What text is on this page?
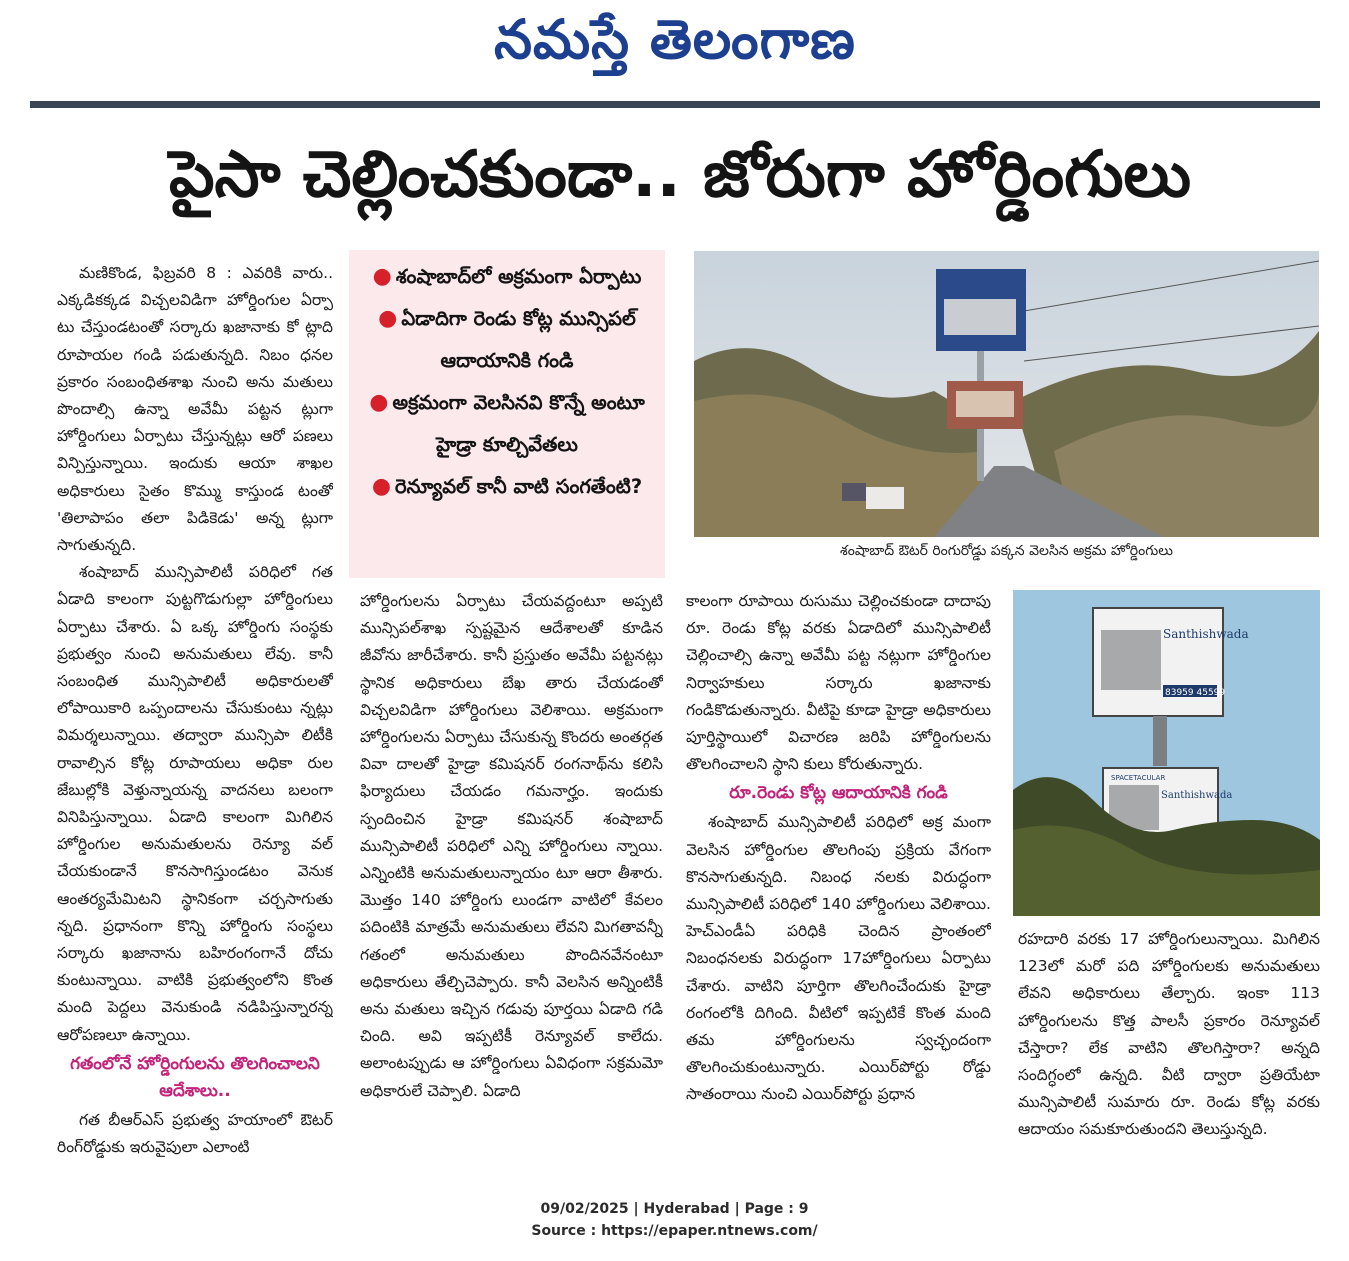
నమస్తే తెలంగాణ
పైసా చెల్లించకుండా.. జోరుగా హోర్డింగులు

మణికొండ, ఫిబ్రవరి 8 : ఎవరికి వారు.. ఎక్కడికక్కడ విచ్చలవిడిగా హోర్డింగుల ఏర్పా టు చేస్తుండటంతో సర్కారు ఖజానాకు కో ట్లాది రూపాయల గండి పడుతున్నది. నిబం ధనల ప్రకారం సంబంధితశాఖ నుంచి అను మతులు పొందాల్సి ఉన్నా అవేమీ పట్టన ట్లుగా హోర్డింగులు ఏర్పాటు చేస్తున్నట్లు ఆరో పణలు విన్పిస్తున్నాయి. ఇందుకు ఆయా శాఖల అధికారులు సైతం కొమ్ము కాస్తుండ టంతో 'తిలాపాపం తలా పిడికెడు' అన్న ట్లుగా సాగుతున్నది.

శంషాబాద్ మున్సిపాలిటీ పరిధిలో గత ఏడాది కాలంగా పుట్టగొడుగుల్లా హోర్డింగులు ఏర్పాటు చేశారు. ఏ ఒక్క హోర్డింగు సంస్థకు ప్రభుత్వం నుంచి అనుమతులు లేవు. కానీ సంబంధిత మున్సిపాలిటీ అధికారులతో లోపాయికారి ఒప్పందాలను చేసుకుంటు న్నట్లు విమర్శలున్నాయి. తద్వారా మున్సిపా లిటీకి రావాల్సిన కోట్ల రూపాయలు అధికా రుల జేబుల్లోకి వెళ్తున్నాయన్న వాదనలు బలంగా వినిపిస్తున్నాయి. ఏడాది కాలంగా మిగిలిన హోర్డింగుల అనుమతులను రెన్యూ వల్ చేయకుండానే కొనసాగిస్తుండటం వెనుక ఆంతర్యమేమిటని స్థానికంగా చర్చసాగుతు న్నది. ప్రధానంగా కొన్ని హోర్డింగు సంస్థలు సర్కారు ఖజానాను బహిరంగంగానే దోచు కుంటున్నాయి. వాటికి ప్రభుత్వంలోని కొంత మంది పెద్దలు వెనుకుండి నడిపిస్తున్నారన్న ఆరోపణలూ ఉన్నాయి.

గతంలోనే హోర్డింగులను తొలగించాలని ఆదేశాలు..

గత బీఆర్ఎస్ ప్రభుత్వ హయాంలో ఔటర్ రింగ్‌రోడ్డుకు ఇరువైపులా ఎలాంటి

● శంషాబాద్‌లో అక్రమంగా ఏర్పాటు
● ఏడాదిగా రెండు కోట్ల మున్సిపల్ ఆదాయానికి గండి
● అక్రమంగా వెలసినవి కొన్నే అంటూ హైడ్రా కూల్చివేతలు
● రెన్యూవల్ కానీ వాటి సంగతేంటి?

హోర్డింగులను ఏర్పాటు చేయవద్దంటూ అప్పటి మున్సిపల్‌శాఖ స్పష్టమైన ఆదేశాలతో కూడిన జీవోను జారీచేశారు. కానీ ప్రస్తుతం అవేమీ పట్టనట్లు స్థానిక అధికారులు బేఖ తారు చేయడంతో విచ్చలవిడిగా హోర్డింగులు వెలిశాయి. అక్రమంగా హోర్డింగులను ఏర్పాటు చేసుకున్న కొందరు అంతర్గత వివా దాలతో హైడ్రా కమిషనర్ రంగనాథ్‌ను కలిసి ఫిర్యాదులు చేయడం గమనార్హం. ఇందుకు స్పందించిన హైడ్రా కమిషనర్ శంషాబాద్ మున్సిపాలిటీ పరిధిలో ఎన్ని హోర్డింగులు న్నాయి. ఎన్నింటికి అనుమతులున్నాయం టూ ఆరా తీశారు. మొత్తం 140 హోర్డింగు లుండగా వాటిలో కేవలం పదింటికి మాత్రమే అనుమతులు లేవని మిగతావన్నీ గతంలో అనుమతులు పొందినవేనంటూ అధికారులు తేల్చిచెప్పారు. కానీ వెలసిన అన్నింటికీ అను మతులు ఇచ్చిన గడువు పూర్తయి ఏడాది గడి చింది. అవి ఇప్పటికీ రెన్యూవల్ కాలేదు. అలాంటప్పుడు ఆ హోర్డింగులు ఏవిధంగా సక్రమమో అధికారులే చెప్పాలి. ఏడాది

శంషాబాద్ ఔటర్ రింగురోడ్డు పక్కన వెలసిన అక్రమ హోర్డింగులు

కాలంగా రూపాయి రుసుము చెల్లించకుండా దాదాపు రూ. రెండు కోట్ల వరకు ఏడాదిలో మున్సిపాలిటీ చెల్లించాల్సి ఉన్నా అవేమీ పట్ట నట్లుగా హోర్డింగుల నిర్వాహకులు సర్కారు ఖజానాకు గండికొడుతున్నారు. వీటిపై కూడా హైడ్రా అధికారులు పూర్తిస్థాయిలో విచారణ జరిపి హోర్డింగులను తొలగించాలని స్థాని కులు కోరుతున్నారు.

రూ.రెండు కోట్ల ఆదాయానికి గండి

శంషాబాద్ మున్సిపాలిటీ పరిధిలో అక్ర మంగా వెలసిన హోర్డింగుల తొలగింపు ప్రక్రియ వేగంగా కొనసాగుతున్నది. నిబంధ నలకు విరుద్ధంగా మున్సిపాలిటీ పరిధిలో 140 హోర్డింగులు వెలిశాయి. హెచ్ఎండీఏ పరిధికి చెందిన ప్రాంతంలో నిబంధనలకు విరుద్ధంగా 17హోర్డింగులు ఏర్పాటు చేశారు. వాటిని పూర్తిగా తొలగించేందుకు హైడ్రా రంగంలోకి దిగింది. వీటిలో ఇప్పటికే కొంత మంది తమ హోర్డింగులను స్వచ్ఛందంగా తొలగించుకుంటున్నారు. ఎయిర్‌పోర్టు రోడ్డు సాతంరాయి నుంచి ఎయిర్‌పోర్టు ప్రధాన

Santhishwada
83959 45599
SPACETACULAR
Santhishwada

రహదారి వరకు 17 హోర్డింగులున్నాయి. మిగిలిన 123లో మరో పది హోర్డింగులకు అనుమతులు లేవని అధికారులు తేల్చారు. ఇంకా 113 హోర్డింగులను కొత్త పాలసీ ప్రకారం రెన్యూవల్ చేస్తారా? లేక వాటిని తొలగిస్తారా? అన్నది సందిగ్ధంలో ఉన్నది. వీటి ద్వారా ప్రతియేటా మున్సిపాలిటీ సుమారు రూ. రెండు కోట్ల వరకు ఆదాయం సమకూరుతుందని తెలుస్తున్నది.

09/02/2025 | Hyderabad | Page : 9
Source : https://epaper.ntnews.com/
